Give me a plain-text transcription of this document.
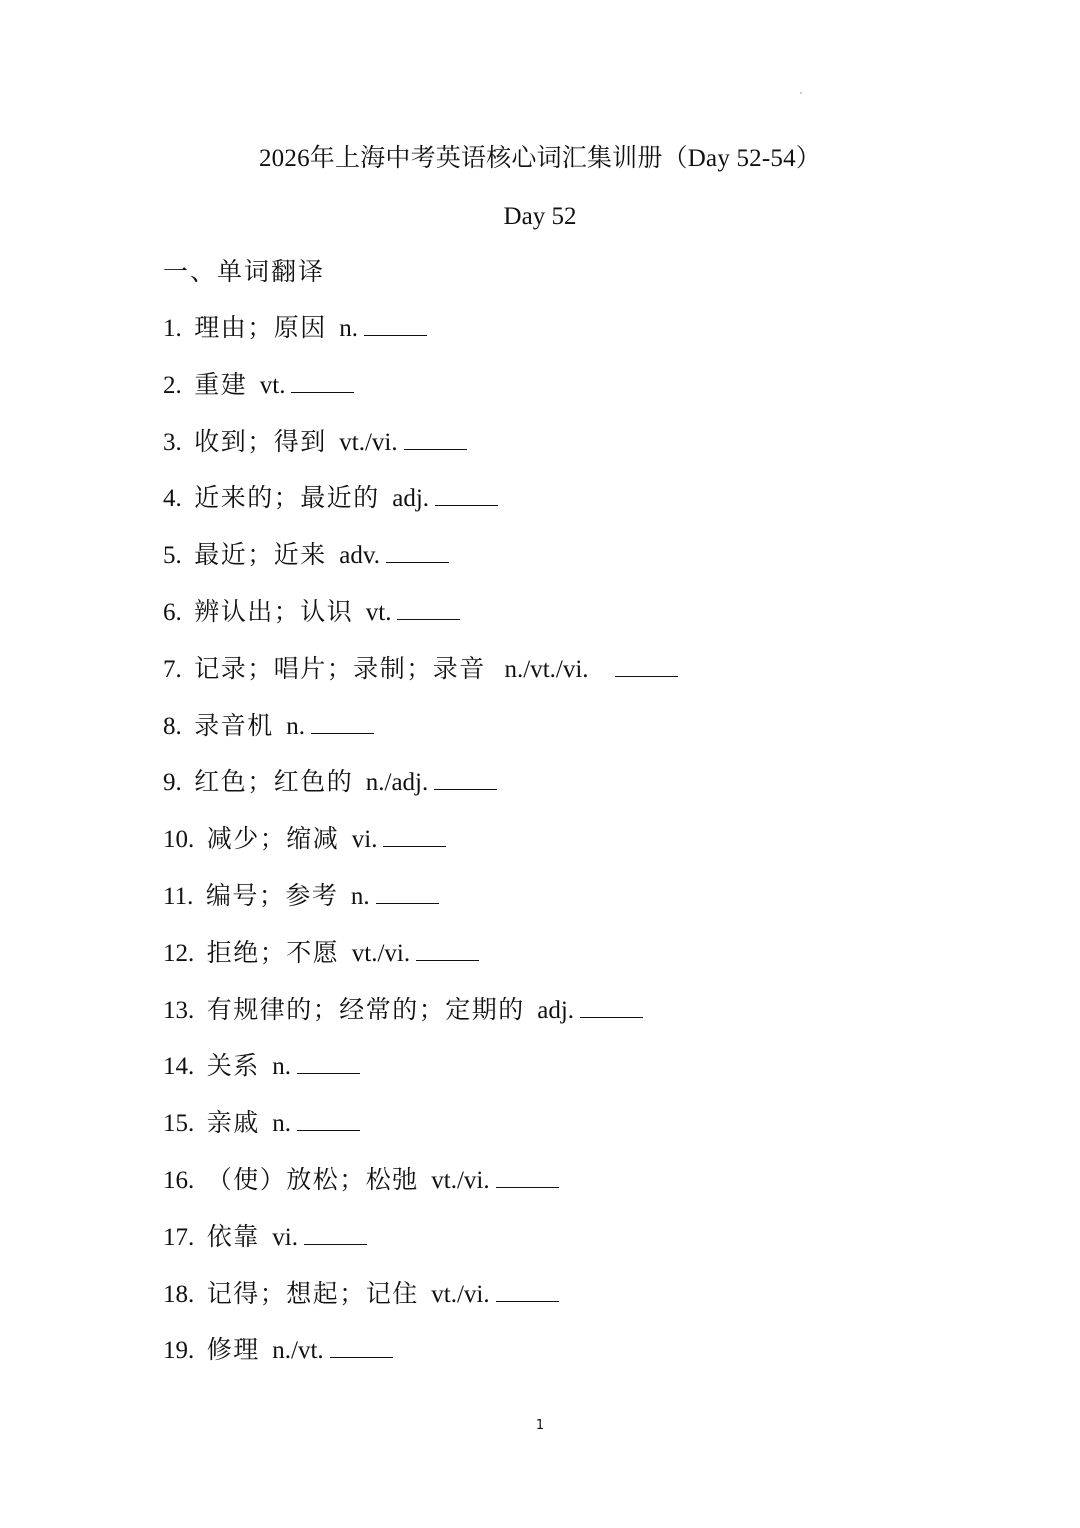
2026年上海中考英语核心词汇集训册（Day 52-54）
Day 52
一、单词翻译
1. 理由；原因 n.
2. 重建 vt.
3. 收到；得到 vt./vi.
4. 近来的；最近的 adj.
5. 最近；近来 adv.
6. 辨认出；认识 vt.
7. 记录；唱片；录制；录音   n./vt./vi.
8. 录音机 n.
9. 红色；红色的 n./adj.
10. 减少；缩减 vi.
11. 编号；参考 n.
12. 拒绝；不愿 vt./vi.
13. 有规律的；经常的；定期的 adj.
14. 关系 n.
15. 亲戚 n.
16. （使）放松；松弛 vt./vi.
17. 依靠 vi.
18. 记得；想起；记住 vt./vi.
19. 修理 n./vt.
1
